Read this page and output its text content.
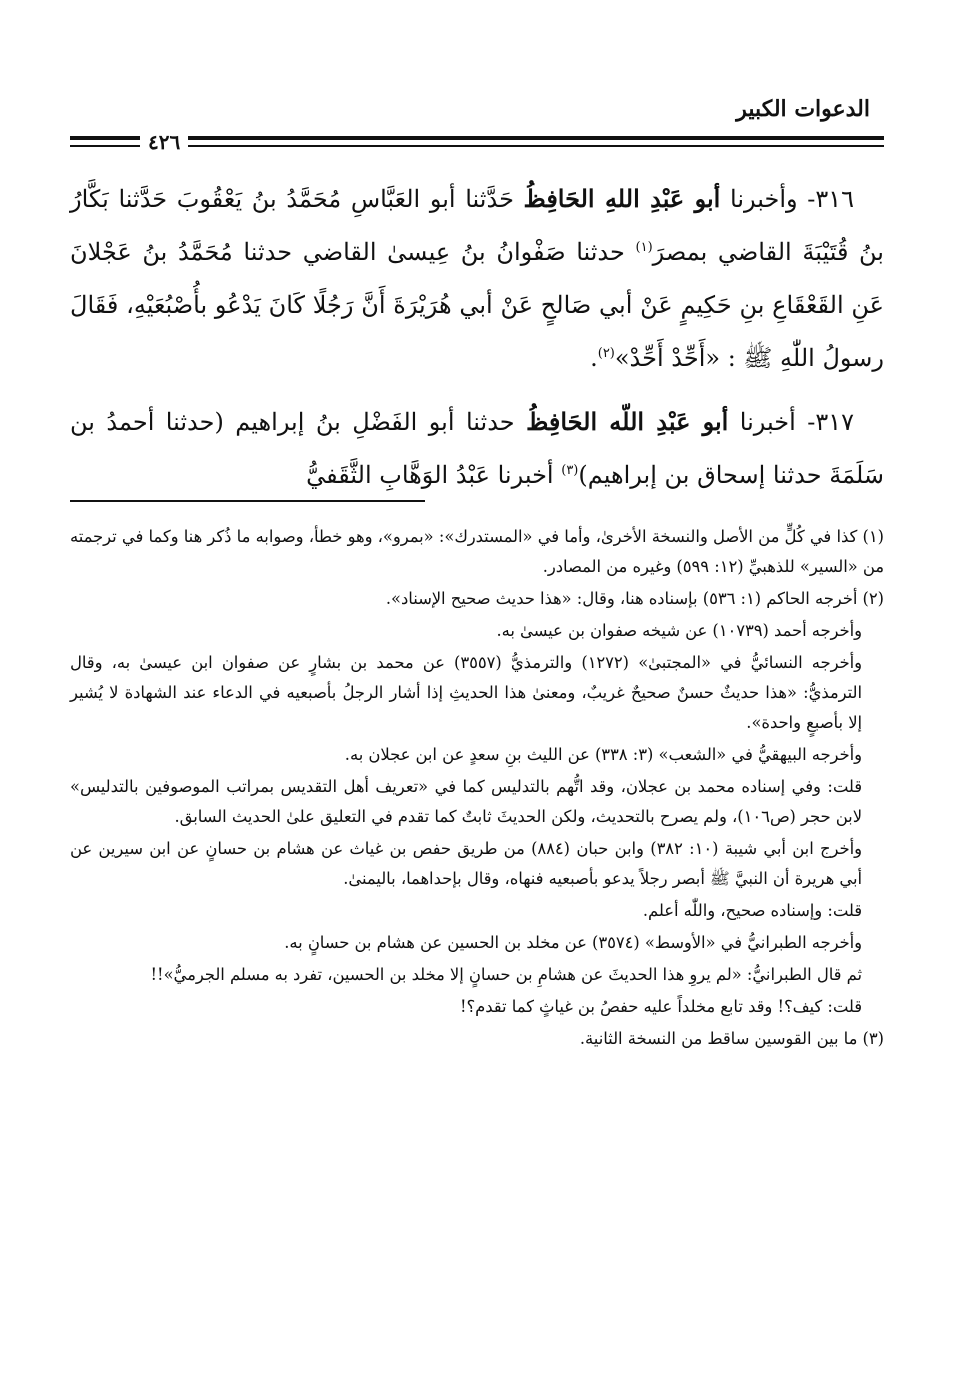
الدعوات الكبير
٤٢٦

٣١٦- وأخبرنا أبو عَبْدِ اللهِ الحَافِظُ حَدَّثنا أبو العَبَّاسِ مُحَمَّدُ بنُ يَعْقُوبَ حَدَّثنا بَكَّارُ بنُ قُتَيْبَةَ القاضي بمصرَ$^{(١)}$ حدثنا صَفْوانُ بنُ عِيسىٰ القاضي حدثنا مُحَمَّدُ بنُ عَجْلانَ عَنِ القَعْقَاعِ بنِ حَكِيمٍ عَنْ أبي صَالحٍ عَنْ أبي هُرَيْرَةَ أَنَّ رَجُلًا كَانَ يَدْعُو بأُصْبُعَيْهِ، فَقَالَ رسولُ اللّٰهِ ﷺ : «أَحِّدْ أَحِّدْ»$^{(٢)}$.

٣١٧- أخبرنا أبو عَبْدِ اللّه الحَافِظُ حدثنا أبو الفَضْلِ بنُ إبراهيم (حدثنا أحمدُ بن سَلَمَةَ حدثنا إسحاق بن إبراهيم)$^{(٣)}$ أخبرنا عَبْدُ الوَهَّابِ الثَّقَفيُّ

(١) كذا في كُلٍّ من الأصل والنسخة الأخرىٰ، وأما في «المستدرك»: «بمرو»، وهو خطأ، وصوابه ما ذُكر هنا وكما في ترجمته من «السير» للذهبيِّ (١٢: ٥٩٩) وغيره من المصادر.

(٢) أخرجه الحاكم (١: ٥٣٦) بإسناده هنا، وقال: «هذا حديث صحيح الإسناد».

وأخرجه أحمد (١٠٧٣٩) عن شيخه صفوان بن عيسىٰ به.

وأخرجه النسائيُّ في «المجتبىٰ» (١٢٧٢) والترمذيُّ (٣٥٥٧) عن محمد بن بشارٍ عن صفوان ابن عيسىٰ به، وقال الترمذيُّ: «هذا حديثٌ حسنٌ صحيحٌ غريبٌ، ومعنىٰ هذا الحديثِ إذا أشار الرجلُ بأصبعيه في الدعاء عند الشهادة لا يُشير إلا بأصبعٍ واحدة».

وأخرجه البيهقيُّ في «الشعب» (٣: ٣٣٨) عن الليث بنِ سعدٍ عن ابن عجلان به.

قلت: وفي إسناده محمد بن عجلان، وقد اتُّهم بالتدليس كما في «تعريف أهل التقديس بمراتب الموصوفين بالتدليس» لابن حجر (ص١٠٦)، ولم يصرح بالتحديث، ولكن الحديثَ ثابتٌ كما تقدم في التعليق علىٰ الحديث السابق.

وأخرج ابن أبي شيبة (١٠: ٣٨٢) وابن حبان (٨٨٤) من طريق حفص بن غياث عن هشام بن حسانٍ عن ابن سيرين عن أبي هريرة أن النبيَّ ﷺ أبصر رجلاً يدعو بأصبعيه فنهاه، وقال بإحداهما، باليمنىٰ.

قلت: وإسناده صحيح، واللّٰه أعلم.

وأخرجه الطبرانيُّ في «الأوسط» (٣٥٧٤) عن مخلد بن الحسين عن هشام بن حسانٍ به.

ثم قال الطبرانيُّ: «لم يروِ هذا الحديثَ عن هشامِ بن حسانٍ إلا مخلد بن الحسين، تفرد به مسلم الجرميُّ»!!

قلت: كيف؟! وقد تابع مخلداً عليه حفصُ بن غياثٍ كما تقدم؟!

(٣) ما بين القوسين ساقط من النسخة الثانية.
